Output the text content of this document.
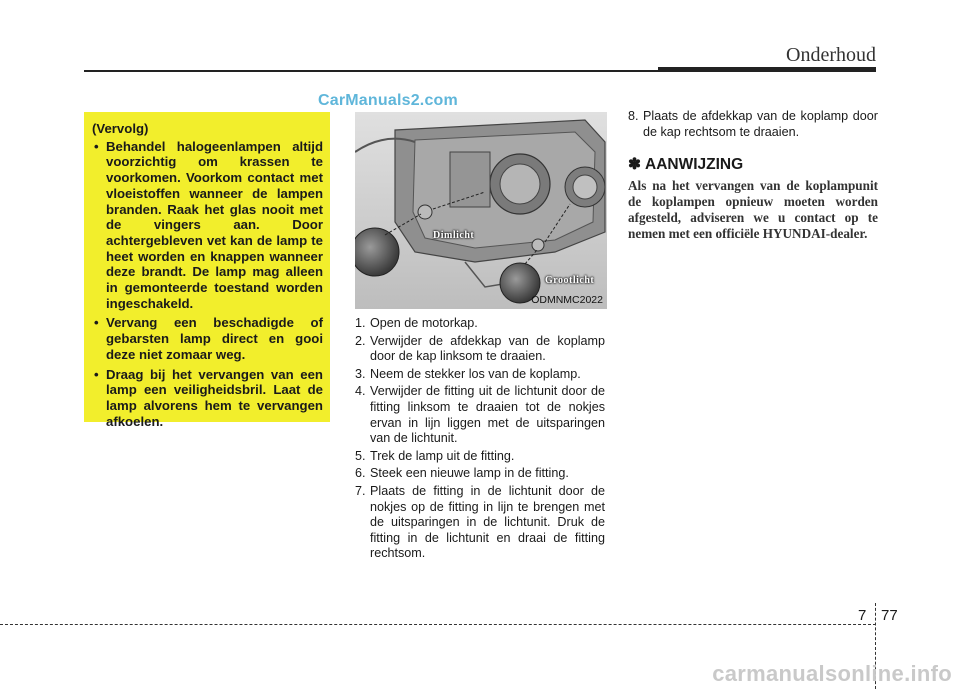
Onderhoud
CarManuals2.com
(Vervolg)
• Behandel halogeenlampen altijd voorzichtig om krassen te voorkomen. Voorkom contact met vloeistoffen wanneer de lampen branden. Raak het glas nooit met de vingers aan. Door achtergebleven vet kan de lamp te heet worden en knappen wanneer deze brandt. De lamp mag alleen in gemonteerde toestand worden ingeschakeld.
• Vervang een beschadigde of gebarsten lamp direct en gooi deze niet zomaar weg.
• Draag bij het vervangen van een lamp een veiligheidsbril. Laat de lamp alvorens hem te vervangen afkoelen.
Dimlicht
Grootlicht
ODMNMC2022
1. Open de motorkap.
2. Verwijder de afdekkap van de koplamp door de kap linksom te draaien.
3. Neem de stekker los van de koplamp.
4. Verwijder de fitting uit de lichtunit door de fitting linksom te draaien tot de nokjes ervan in lijn liggen met de uitsparingen van de lichtunit.
5. Trek de lamp uit de fitting.
6. Steek een nieuwe lamp in de fitting.
7. Plaats de fitting in de lichtunit door de nokjes op de fitting in lijn te brengen met de uitsparingen in de lichtunit. Druk de fitting in de lichtunit en draai de fitting rechtsom.
8. Plaats de afdekkap van de koplamp door de kap rechtsom te draaien.
✽ AANWIJZING
Als na het vervangen van de koplampunit de koplampen opnieuw moeten worden afgesteld, adviseren we u contact op te nemen met een officiële HYUNDAI-dealer.
7 77
carmanualsonline.info
